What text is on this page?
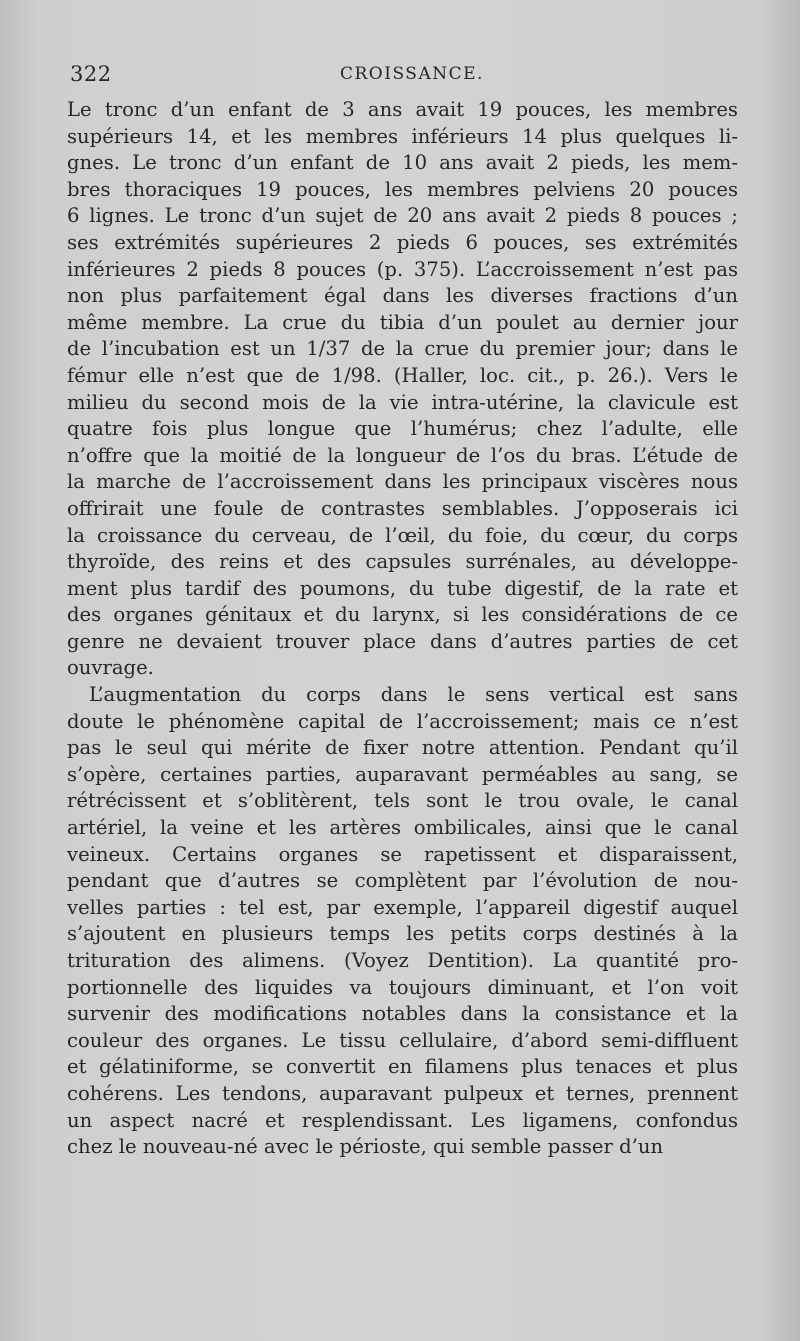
322	CROISSANCE.
Le tronc d’un enfant de 3 ans avait 19 pouces, les membres
supérieurs 14, et les membres inférieurs 14 plus quelques li-
gnes. Le tronc d’un enfant de 10 ans avait 2 pieds, les mem-
bres thoraciques 19 pouces, les membres pelviens 20 pouces
6 lignes. Le tronc d’un sujet de 20 ans avait 2 pieds 8 pouces ;
ses extrémités supérieures 2 pieds 6 pouces, ses extrémités
inférieures 2 pieds 8 pouces (p. 375). L’accroissement n’est pas
non plus parfaitement égal dans les diverses fractions d’un
même membre. La crue du tibia d’un poulet au dernier jour
de l’incubation est un 1/37 de la crue du premier jour; dans le
fémur elle n’est que de 1/98. (Haller, loc. cit., p. 26.). Vers le
milieu du second mois de la vie intra-utérine, la clavicule est
quatre fois plus longue que l’humérus; chez l’adulte, elle
n’offre que la moitié de la longueur de l’os du bras. L’étude de
la marche de l’accroissement dans les principaux viscères nous
offrirait une foule de contrastes semblables. J’opposerais ici
la croissance du cerveau, de l’œil, du foie, du cœur, du corps
thyroïde, des reins et des capsules surrénales, au développe-
ment plus tardif des poumons, du tube digestif, de la rate et
des organes génitaux et du larynx, si les considérations de ce
genre ne devaient trouver place dans d’autres parties de cet
ouvrage.
L’augmentation du corps dans le sens vertical est sans
doute le phénomène capital de l’accroissement; mais ce n’est
pas le seul qui mérite de fixer notre attention. Pendant qu’il
s’opère, certaines parties, auparavant perméables au sang, se
rétrécissent et s’oblitèrent, tels sont le trou ovale, le canal
artériel, la veine et les artères ombilicales, ainsi que le canal
veineux. Certains organes se rapetissent et disparaissent,
pendant que d’autres se complètent par l’évolution de nou-
velles parties : tel est, par exemple, l’appareil digestif auquel
s’ajoutent en plusieurs temps les petits corps destinés à la
trituration des alimens. (Voyez Dentition). La quantité pro-
portionnelle des liquides va toujours diminuant, et l’on voit
survenir des modifications notables dans la consistance et la
couleur des organes. Le tissu cellulaire, d’abord semi-diffluent
et gélatiniforme, se convertit en filamens plus tenaces et plus
cohérens. Les tendons, auparavant pulpeux et ternes, prennent
un aspect nacré et resplendissant. Les ligamens, confondus
chez le nouveau-né avec le périoste, qui semble passer d’un
